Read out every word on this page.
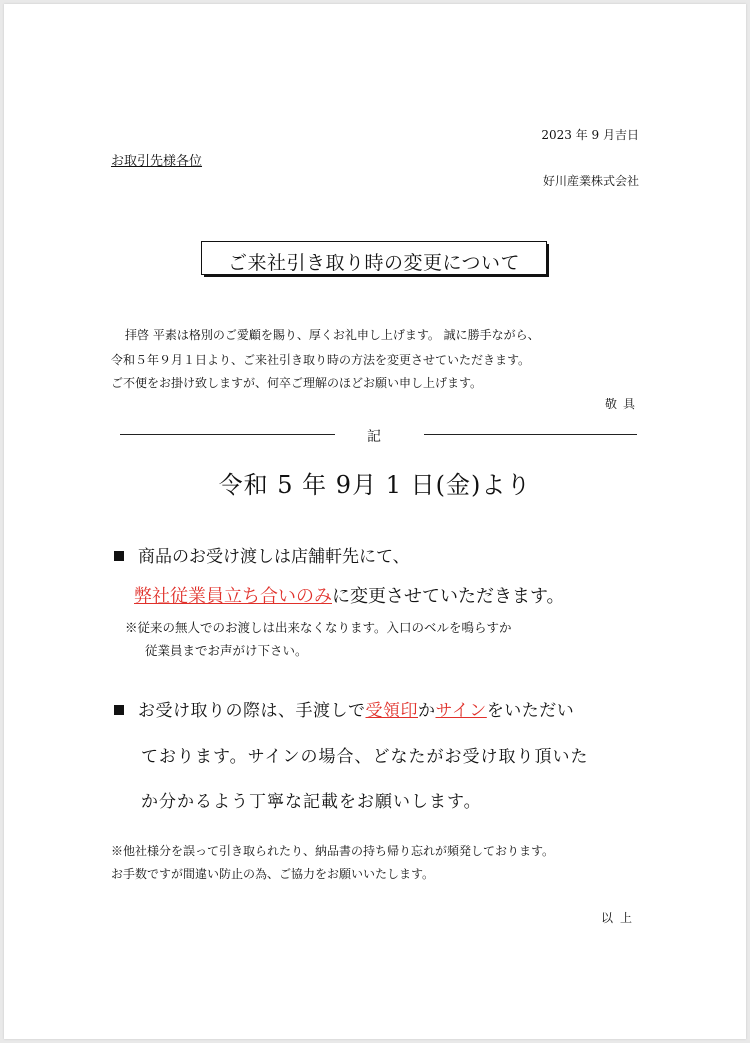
2023 年 9 月吉日
お取引先様各位
好川産業株式会社
ご来社引き取り時の変更について
拝啓 平素は格別のご愛顧を賜り、厚くお礼申し上げます。 誠に勝手ながら、
令和５年９月１日より、ご来社引き取り時の方法を変更させていただきます。
ご不便をお掛け致しますが、何卒ご理解のほどお願い申し上げます。
敬具
記
令和 5 年 9月 1 日(金)より
商品のお受け渡しは店舗軒先にて、
弊社従業員立ち合いのみに変更させていただきます。
※従来の無人でのお渡しは出来なくなります。入口のベルを鳴らすか
従業員までお声がけ下さい。
お受け取りの際は、手渡しで受領印かサインをいただい
ております。サインの場合、どなたがお受け取り頂いた
か分かるよう丁寧な記載をお願いします。
※他社様分を誤って引き取られたり、納品書の持ち帰り忘れが頻発しております。
お手数ですが間違い防止の為、ご協力をお願いいたします。
以上
